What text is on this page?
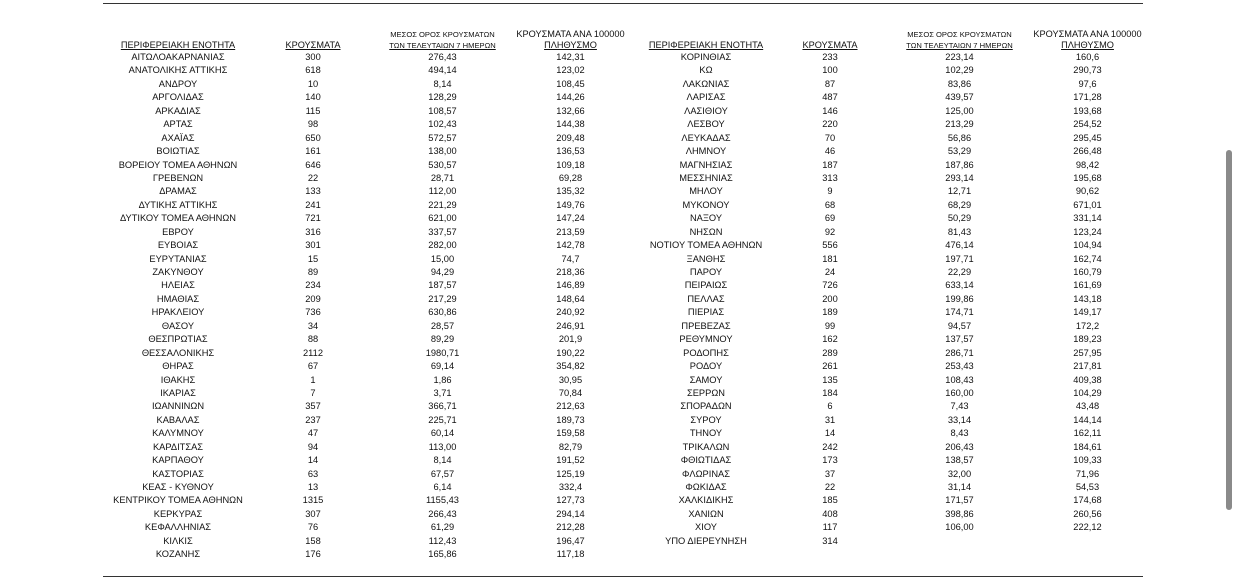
ΠΕΡΙΦΕΡΕΙΑΚΗ ΕΝΟΤΗΤΑ	ΚΡΟΥΣΜΑΤΑ
ΜΕΣΟΣ ΟΡΟΣ ΚΡΟΥΣΜΑΤΩΝ
ΤΩΝ ΤΕΛΕΥΤΑΙΩΝ 7 ΗΜΕΡΩΝ
ΚΡΟΥΣΜΑΤΑ ΑΝΑ 100000
ΠΛΗΘΥΣΜΟ
ΑΙΤΩΛΟΑΚΑΡΝΑΝΙΑΣ	300	276,43	142,31
ΑΝΑΤΟΛΙΚΗΣ ΑΤΤΙΚΗΣ	618	494,14	123,02
ΑΝΔΡΟΥ	10	8,14	108,45
ΑΡΓΟΛΙΔΑΣ	140	128,29	144,26
ΑΡΚΑΔΙΑΣ	115	108,57	132,66
ΑΡΤΑΣ	98	102,43	144,38
ΑΧΑΪΑΣ	650	572,57	209,48
ΒΟΙΩΤΙΑΣ	161	138,00	136,53
ΒΟΡΕΙΟΥ ΤΟΜΕΑ ΑΘΗΝΩΝ	646	530,57	109,18
ΓΡΕΒΕΝΩΝ	22	28,71	69,28
ΔΡΑΜΑΣ	133	112,00	135,32
ΔΥΤΙΚΗΣ ΑΤΤΙΚΗΣ	241	221,29	149,76
ΔΥΤΙΚΟΥ ΤΟΜΕΑ ΑΘΗΝΩΝ	721	621,00	147,24
ΕΒΡΟΥ	316	337,57	213,59
ΕΥΒΟΙΑΣ	301	282,00	142,78
ΕΥΡΥΤΑΝΙΑΣ	15	15,00	74,7
ΖΑΚΥΝΘΟΥ	89	94,29	218,36
ΗΛΕΙΑΣ	234	187,57	146,89
ΗΜΑΘΙΑΣ	209	217,29	148,64
ΗΡΑΚΛΕΙΟΥ	736	630,86	240,92
ΘΑΣΟΥ	34	28,57	246,91
ΘΕΣΠΡΩΤΙΑΣ	88	89,29	201,9
ΘΕΣΣΑΛΟΝΙΚΗΣ	2112	1980,71	190,22
ΘΗΡΑΣ	67	69,14	354,82
ΙΘΑΚΗΣ	1	1,86	30,95
ΙΚΑΡΙΑΣ	7	3,71	70,84
ΙΩΑΝΝΙΝΩΝ	357	366,71	212,63
ΚΑΒΑΛΑΣ	237	225,71	189,73
ΚΑΛΥΜΝΟΥ	47	60,14	159,58
ΚΑΡΔΙΤΣΑΣ	94	113,00	82,79
ΚΑΡΠΑΘΟΥ	14	8,14	191,52
ΚΑΣΤΟΡΙΑΣ	63	67,57	125,19
ΚΕΑΣ - ΚΥΘΝΟΥ	13	6,14	332,4
ΚΕΝΤΡΙΚΟΥ ΤΟΜΕΑ ΑΘΗΝΩΝ	1315	1155,43	127,73
ΚΕΡΚΥΡΑΣ	307	266,43	294,14
ΚΕΦΑΛΛΗΝΙΑΣ	76	61,29	212,28
ΚΙΛΚΙΣ	158	112,43	196,47
ΚΟΖΑΝΗΣ	176	165,86	117,18
ΠΕΡΙΦΕΡΕΙΑΚΗ ΕΝΟΤΗΤΑ	ΚΡΟΥΣΜΑΤΑ
ΜΕΣΟΣ ΟΡΟΣ ΚΡΟΥΣΜΑΤΩΝ
ΤΩΝ ΤΕΛΕΥΤΑΙΩΝ 7 ΗΜΕΡΩΝ
ΚΡΟΥΣΜΑΤΑ ΑΝΑ 100000
ΠΛΗΘΥΣΜΟ
ΚΟΡΙΝΘΙΑΣ	233	223,14	160,6
ΚΩ	100	102,29	290,73
ΛΑΚΩΝΙΑΣ	87	83,86	97,6
ΛΑΡΙΣΑΣ	487	439,57	171,28
ΛΑΣΙΘΙΟΥ	146	125,00	193,68
ΛΕΣΒΟΥ	220	213,29	254,52
ΛΕΥΚΑΔΑΣ	70	56,86	295,45
ΛΗΜΝΟΥ	46	53,29	266,48
ΜΑΓΝΗΣΙΑΣ	187	187,86	98,42
ΜΕΣΣΗΝΙΑΣ	313	293,14	195,68
ΜΗΛΟΥ	9	12,71	90,62
ΜΥΚΟΝΟΥ	68	68,29	671,01
ΝΑΞΟΥ	69	50,29	331,14
ΝΗΣΩΝ	92	81,43	123,24
ΝΟΤΙΟΥ ΤΟΜΕΑ ΑΘΗΝΩΝ	556	476,14	104,94
ΞΑΝΘΗΣ	181	197,71	162,74
ΠΑΡΟΥ	24	22,29	160,79
ΠΕΙΡΑΙΩΣ	726	633,14	161,69
ΠΕΛΛΑΣ	200	199,86	143,18
ΠΙΕΡΙΑΣ	189	174,71	149,17
ΠΡΕΒΕΖΑΣ	99	94,57	172,2
ΡΕΘΥΜΝΟΥ	162	137,57	189,23
ΡΟΔΟΠΗΣ	289	286,71	257,95
ΡΟΔΟΥ	261	253,43	217,81
ΣΑΜΟΥ	135	108,43	409,38
ΣΕΡΡΩΝ	184	160,00	104,29
ΣΠΟΡΑΔΩΝ	6	7,43	43,48
ΣΥΡΟΥ	31	33,14	144,14
ΤΗΝΟΥ	14	8,43	162,11
ΤΡΙΚΑΛΩΝ	242	206,43	184,61
ΦΘΙΩΤΙΔΑΣ	173	138,57	109,33
ΦΛΩΡΙΝΑΣ	37	32,00	71,96
ΦΩΚΙΔΑΣ	22	31,14	54,53
ΧΑΛΚΙΔΙΚΗΣ	185	171,57	174,68
ΧΑΝΙΩΝ	408	398,86	260,56
ΧΙΟΥ	117	106,00	222,12
ΥΠΟ ΔΙΕΡΕΥΝΗΣΗ	314
